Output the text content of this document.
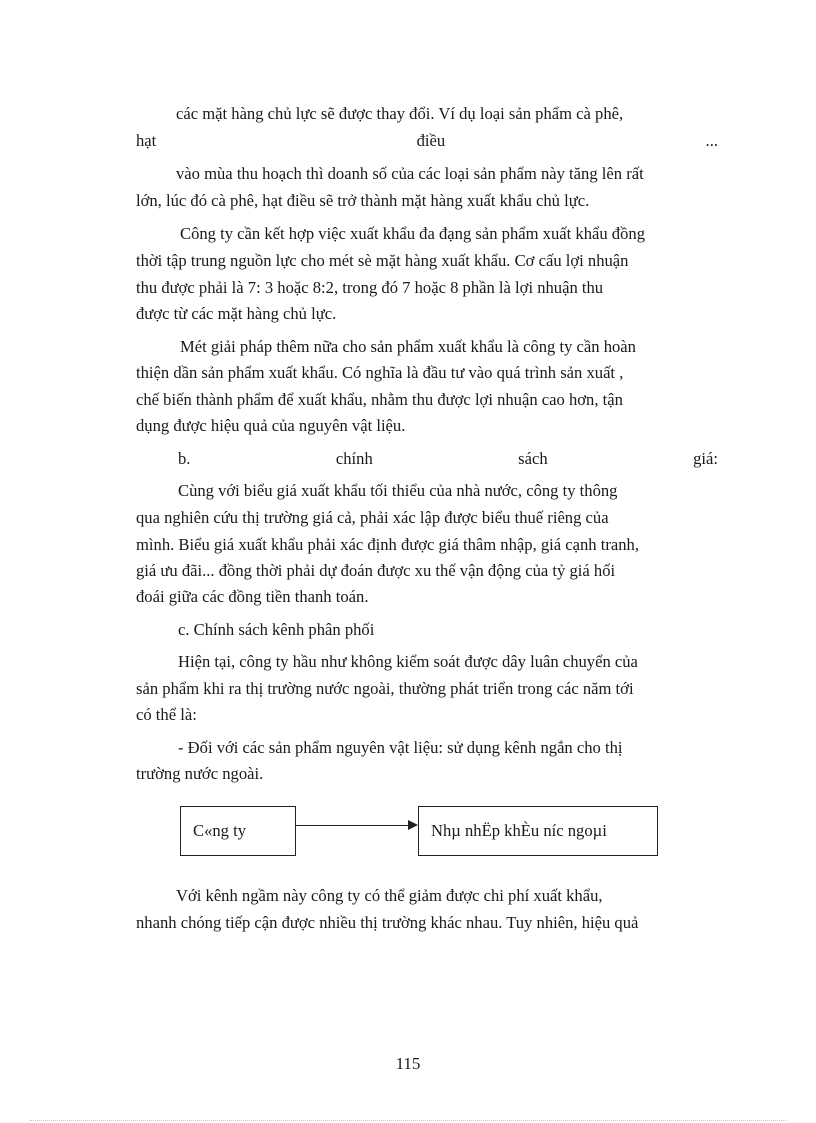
các mặt hàng chủ lực sẽ được thay đổi. Ví dụ loại sản phẩm cà phê,

hạt	điều	...

vào mùa thu hoạch thì doanh số của các loại sản phẩm này tăng lên rất

lớn, lúc đó cà phê, hạt điều sẽ trở thành mặt hàng xuất khẩu chủ lực.

Công ty cần kết hợp việc xuất khẩu đa đạng sản phẩm xuất khẩu đồng

thời tập trung nguồn lực cho mét sè mặt hàng xuất khẩu. Cơ cấu lợi nhuận

thu được phải là 7: 3 hoặc 8:2, trong đó 7 hoặc 8 phần là lợi nhuận thu

được từ các mặt hàng chủ lực.

Mét giải pháp thêm nữa cho sản phẩm xuất khẩu là công ty cần hoàn

thiện dần sản phẩm xuất khẩu. Có nghĩa là đầu tư vào quá trình sản xuất ,

chế biến thành phẩm để xuất khẩu, nhằm thu được lợi nhuận cao hơn, tận

dụng được hiệu quả của nguyên vật liệu.

b.	chính	sách	giá:

Cùng với biểu giá xuất khẩu tối thiểu của nhà nước, công ty thông

qua nghiên cứu thị trường giá cả, phải xác lập được biểu thuế riêng của

mình. Biểu giá xuất khẩu phải xác định được giá thâm nhập, giá cạnh tranh,

giá ưu đãi... đồng thời phải dự đoán được xu thế vận động của tỷ giá hối

đoái giữa các đồng tiền thanh toán.

c. Chính sách kênh phân phối

Hiện tại, công ty hầu như không kiểm soát được dây luân chuyển của

sản phẩm khi ra thị trường nước ngoài, thường phát triển trong các năm tới

có thể là:

- Đối với các sản phẩm nguyên vật liệu: sử dụng kênh ngắn cho thị

trường nước ngoài.

C«ng ty	Nhµ nhËp khÈu níc ngoµi

Với kênh ngầm này công ty có thể giảm được chi phí xuất khẩu,

nhanh chóng tiếp cận được nhiều thị trường khác nhau. Tuy nhiên, hiệu quả

115
